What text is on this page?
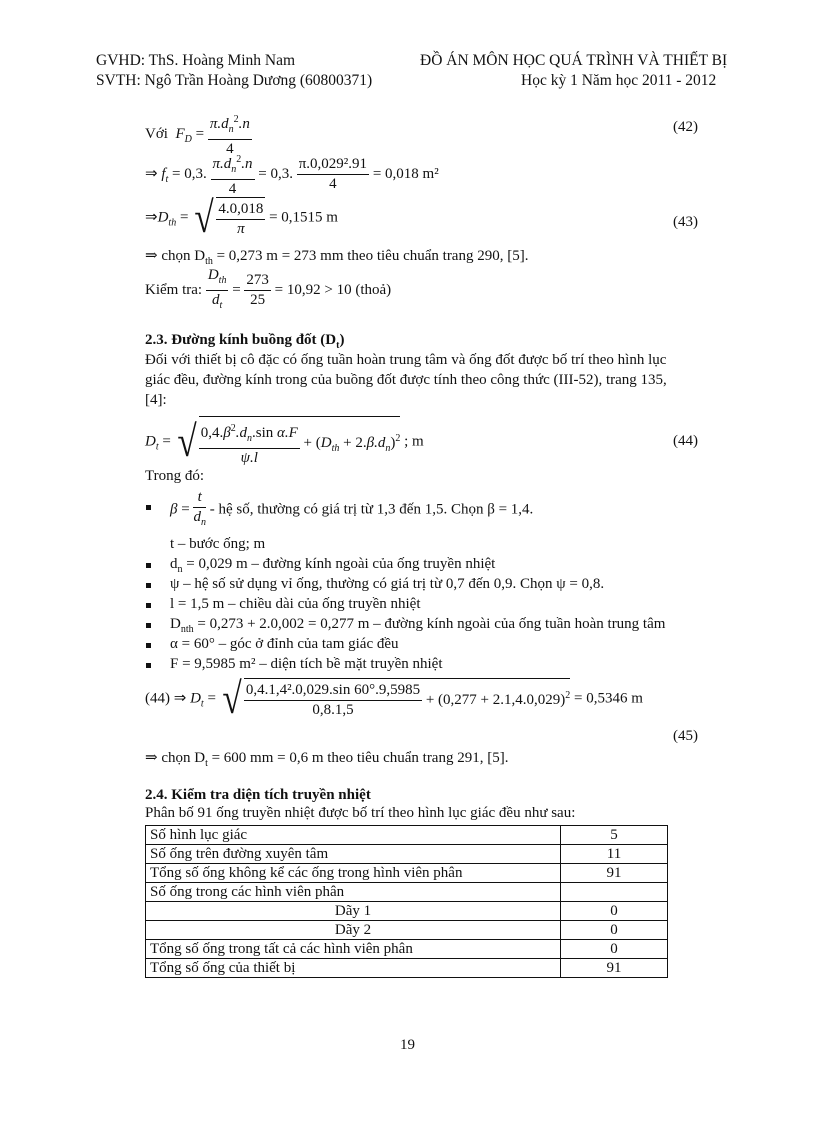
GVHD: ThS. Hoàng Minh Nam
SVTH: Ngô Trần Hoàng Dương (60800371)
ĐỒ ÁN MÔN HỌC QUÁ TRÌNH VÀ THIẾT BỊ
Học kỳ 1 Năm học 2011 - 2012
Với  $F_D = \frac{\pi.d_n^2.n}{4}$	(42)
⇒ $f_t = 0,3$. $\frac{\pi.d_n^2.n}{4} = 0,3$. $\frac{\text{π.0,029².91}}{4} = 0,018$ m²
$\Rightarrow D_{th}$ = √ $\frac{4.0,018}{\pi} = 0,1515$ m	(43)
⇒ chọn $D_{th} = 0,273$ m = 273 mm theo tiêu chuẩn trang 290, [5].
Kiểm tra: $\frac{D_{th}}{d_t} = \frac{273}{25} = 10,92 > 10$ (thoả)
2.3. Đường kính buồng đốt $(D_t)$
Đối với thiết bị cô đặc có ống tuần hoàn trung tâm và ống đốt được bố trí theo hình lục
giác đều, đường kính trong của buồng đốt được tính theo công thức (III-52), trang 135,
[4]:
$D_t$ = √ $\frac{0,4.\beta^2.d_n.\sin \alpha.F}{\psi.l} + (D_{th} + 2.\beta.d_n)^2$ ; m	(44)
Trong đó:
$\beta = \frac{t}{d_n}$ - hệ số, thường có giá trị từ 1,3 đến 1,5. Chọn β = 1,4.
t – bước ống; m
$d_n = 0,029$ m – đường kính ngoài của ống truyền nhiệt
ψ – hệ số sử dụng vỉ ống, thường có giá trị từ 0,7 đến 0,9. Chọn ψ = 0,8.
l = 1,5 m – chiều dài của ống truyền nhiệt
$D_{nth} = 0,273 + 2.0,002 = 0,277$ m – đường kính ngoài của ống tuần hoàn trung tâm
α = 60° – góc ở đỉnh của tam giác đều
F = 9,5985 m² – diện tích bề mặt truyền nhiệt
(44) ⇒ $D_t$ = √ $\frac{\text{0,4.1,4².0,029.sin 60°.9,5985}}{0,8.1,5} + (0,277 + 2.1,4.0,029)^2 = 0,5346$ m
(45)
⇒ chọn $D_t = 600$ mm = 0,6 m theo tiêu chuẩn trang 291, [5].
2.4. Kiểm tra diện tích truyền nhiệt
Phân bố 91 ống truyền nhiệt được bố trí theo hình lục giác đều như sau:
Số hình lục giác	5
Số ống trên đường xuyên tâm	11
Tổng số ống không kể các ống trong hình viên phân	91
Số ống trong các hình viên phân	
Dãy 1	0
Dãy 2	0
Tổng số ống trong tất cả các hình viên phân	0
Tổng số ống của thiết bị	91
19
